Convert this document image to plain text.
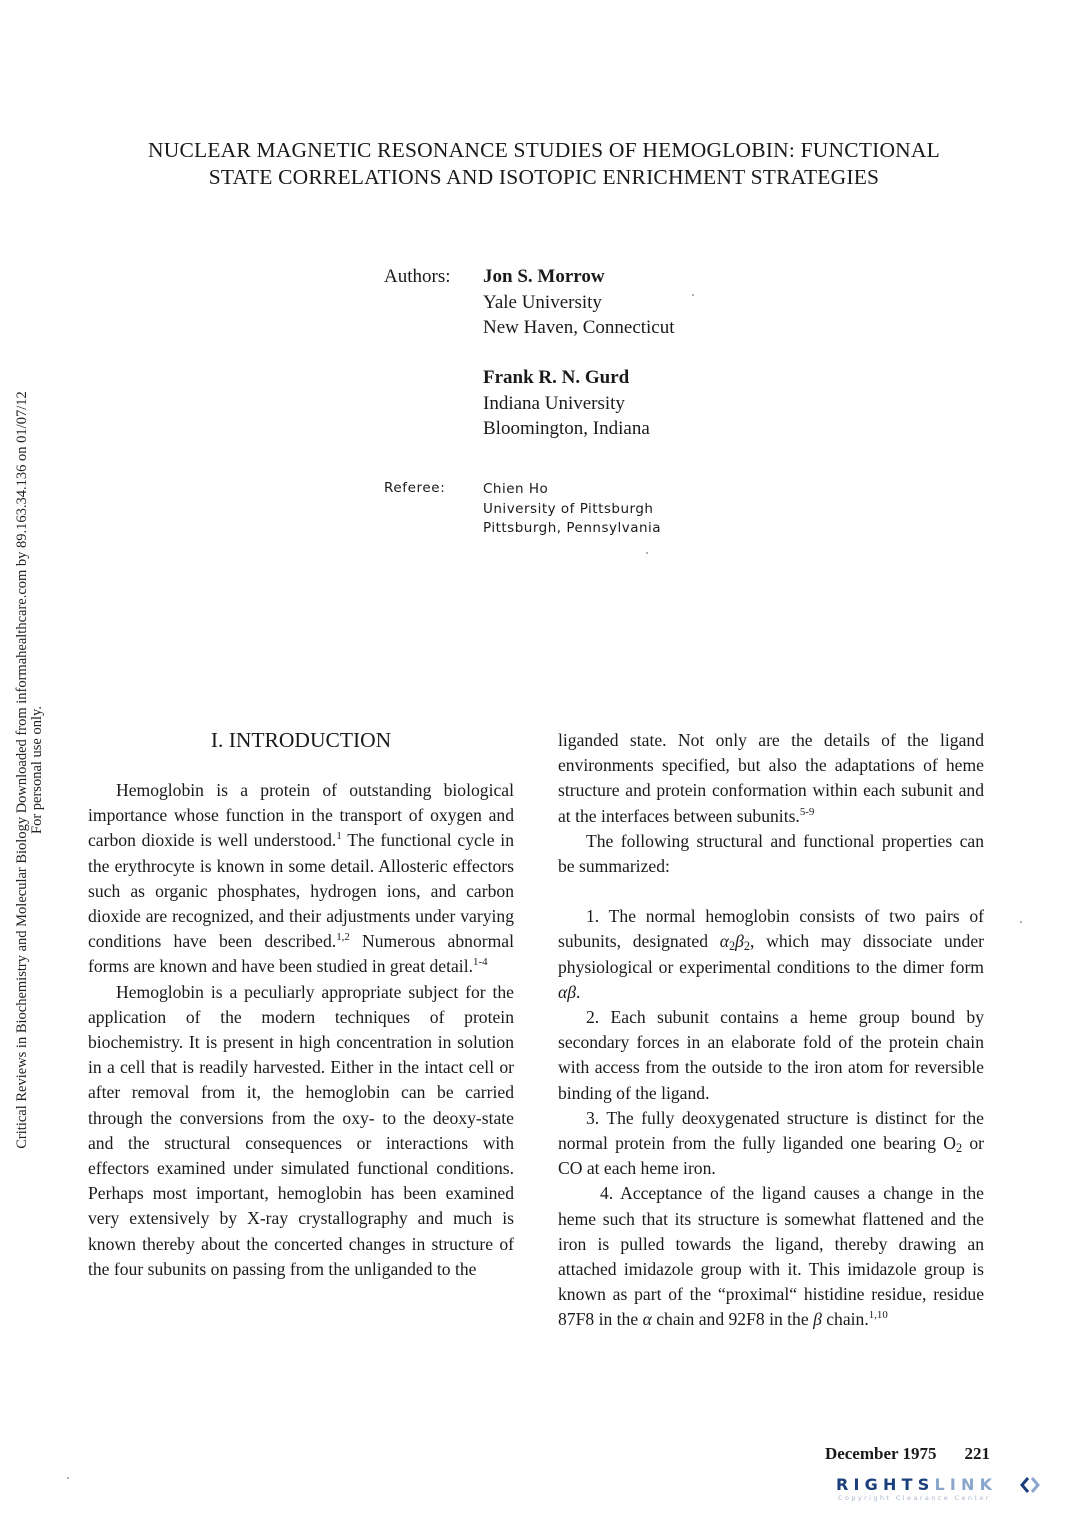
Critical Reviews in Biochemistry and Molecular Biology Downloaded from informahealthcare.com by 89.163.34.136 on 01/07/12 For personal use only.
NUCLEAR MAGNETIC RESONANCE STUDIES OF HEMOGLOBIN: FUNCTIONAL
STATE CORRELATIONS AND ISOTOPIC ENRICHMENT STRATEGIES
Authors: Jon S. Morrow
Yale University
New Haven, Connecticut
Frank R. N. Gurd
Indiana University
Bloomington, Indiana
Referee:	Chien Ho
University of Pittsburgh
Pittsburgh, Pennsylvania
I. INTRODUCTION

Hemoglobin is a protein of outstanding biological importance whose function in the transport of oxygen and carbon dioxide is well understood.$^1$ The functional cycle in the erythrocyte is known in some detail. Allosteric effectors such as organic phosphates, hydrogen ions, and carbon dioxide are recognized, and their adjustments under varying conditions have been described.$^{1,2}$ Numerous abnormal forms are known and have been studied in great detail.$^{1-4}$

Hemoglobin is a peculiarly appropriate subject for the application of the modern techniques of protein biochemistry. It is present in high concentration in solution in a cell that is readily harvested. Either in the intact cell or after removal from it, the hemoglobin can be carried through the conversions from the oxy- to the deoxy-state and the structural consequences or interactions with effectors examined under simulated functional conditions. Perhaps most important, hemoglobin has been examined very extensively by X-ray crystallography and much is known thereby about the concerted changes in structure of the four subunits on passing from the unliganded to the

liganded state. Not only are the details of the ligand environments specified, but also the adaptations of heme structure and protein conformation within each subunit and at the interfaces between subunits.$^{5-9}$

The following structural and functional properties can be summarized:

1. The normal hemoglobin consists of two pairs of subunits, designated $\alpha_2\beta_2$, which may dissociate under physiological or experimental conditions to the dimer form αβ.

2. Each subunit contains a heme group bound by secondary forces in an elaborate fold of the protein chain with access from the outside to the iron atom for reversible binding of the ligand.

3. The fully deoxygenated structure is distinct for the normal protein from the fully liganded one bearing $O_2$ or CO at each heme iron.

4. Acceptance of the ligand causes a change in the heme such that its structure is somewhat flattened and the iron is pulled towards the ligand, thereby drawing an attached imidazole group with it. This imidazole group is known as part of the “proximal“ histidine residue, residue 87F8 in the α chain and 92F8 in the β chain.$^{1,10}$

December 1975 221
RIGHTSLINK
Copyright Clearance Center
